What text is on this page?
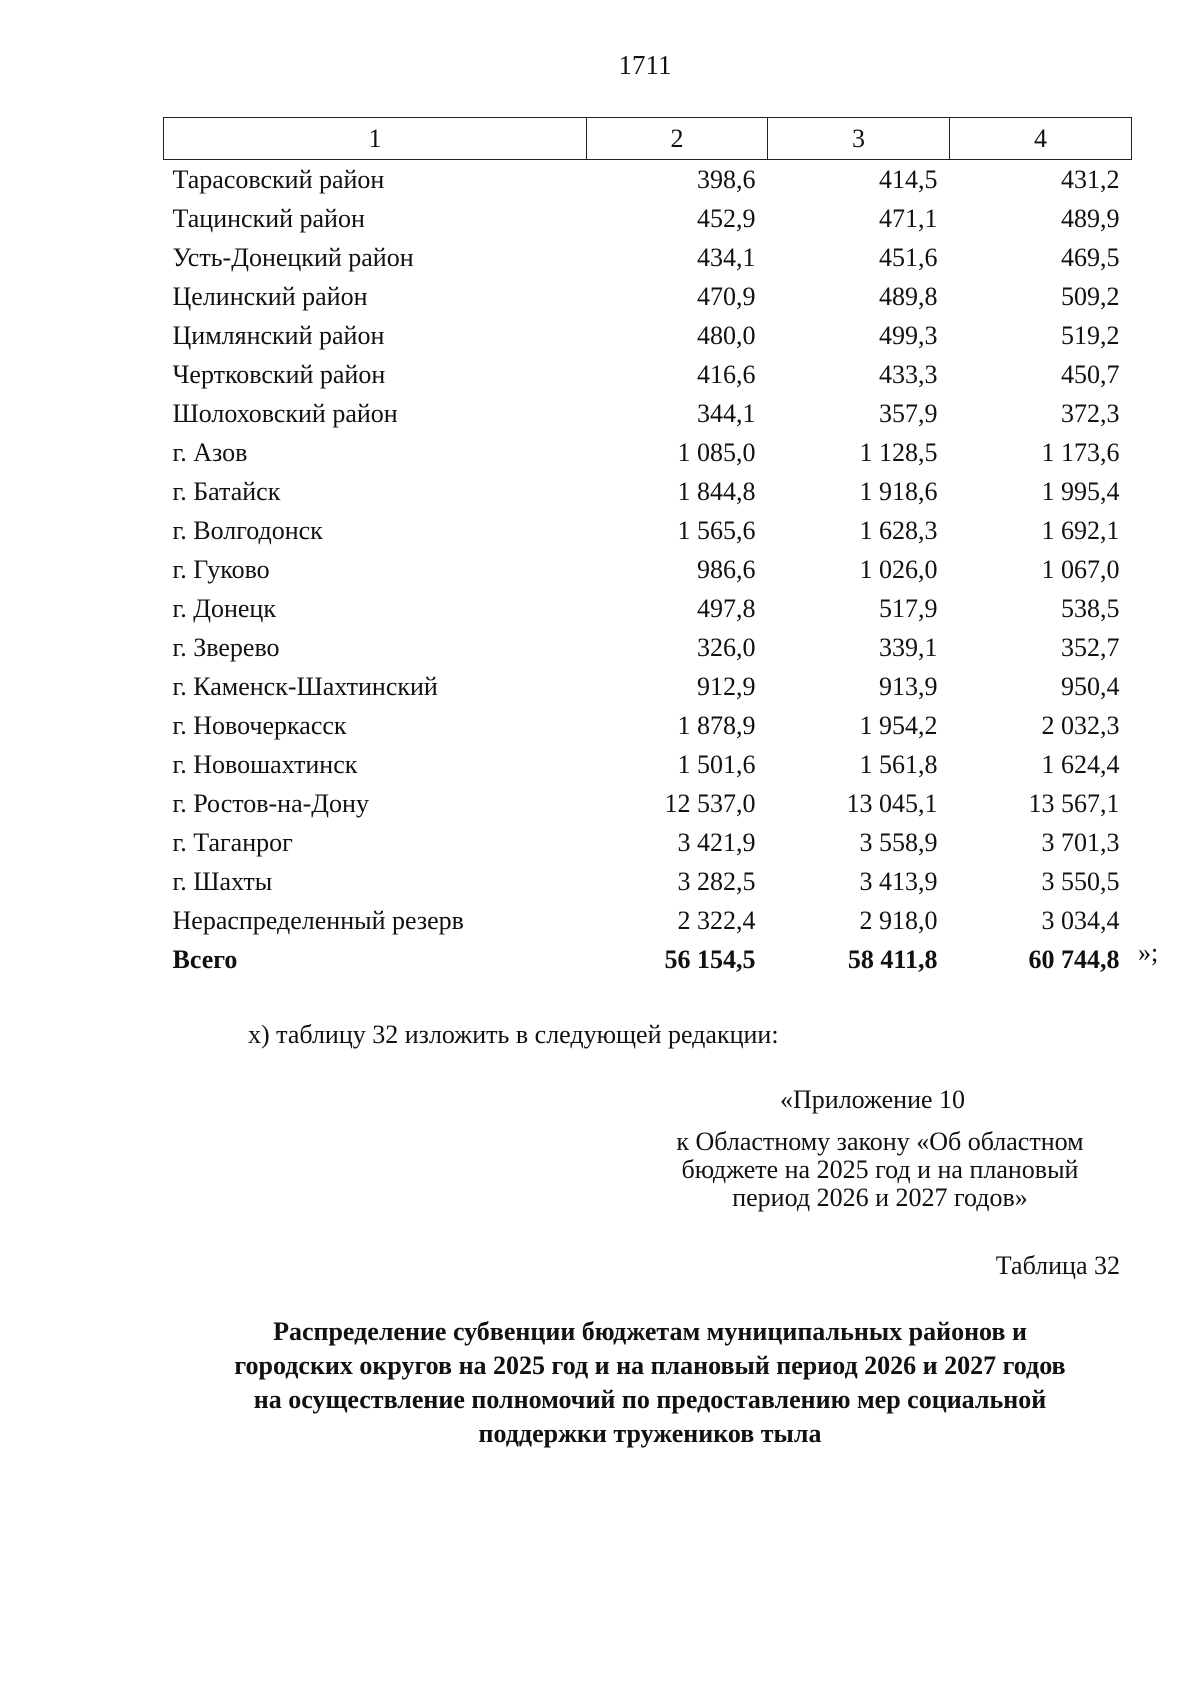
1711
1	2	3	4
Тарасовский район	398,6	414,5	431,2
Тацинский район	452,9	471,1	489,9
Усть-Донецкий район	434,1	451,6	469,5
Целинский район	470,9	489,8	509,2
Цимлянский район	480,0	499,3	519,2
Чертковский район	416,6	433,3	450,7
Шолоховский район	344,1	357,9	372,3
г. Азов	1 085,0	1 128,5	1 173,6
г. Батайск	1 844,8	1 918,6	1 995,4
г. Волгодонск	1 565,6	1 628,3	1 692,1
г. Гуково	986,6	1 026,0	1 067,0
г. Донецк	497,8	517,9	538,5
г. Зверево	326,0	339,1	352,7
г. Каменск-Шахтинский	912,9	913,9	950,4
г. Новочеркасск	1 878,9	1 954,2	2 032,3
г. Новошахтинск	1 501,6	1 561,8	1 624,4
г. Ростов-на-Дону	12 537,0	13 045,1	13 567,1
г. Таганрог	3 421,9	3 558,9	3 701,3
г. Шахты	3 282,5	3 413,9	3 550,5
Нераспределенный резерв	2 322,4	2 918,0	3 034,4
Всего	56 154,5	58 411,8	60 744,8 »;
х) таблицу 32 изложить в следующей редакции:
«Приложение 10
к Областному закону «Об областном
бюджете на 2025 год и на плановый
период 2026 и 2027 годов»
Таблица 32
Распределение субвенции бюджетам муниципальных районов и
городских округов на 2025 год и на плановый период 2026 и 2027 годов
на осуществление полномочий по предоставлению мер социальной
поддержки тружеников тыла
